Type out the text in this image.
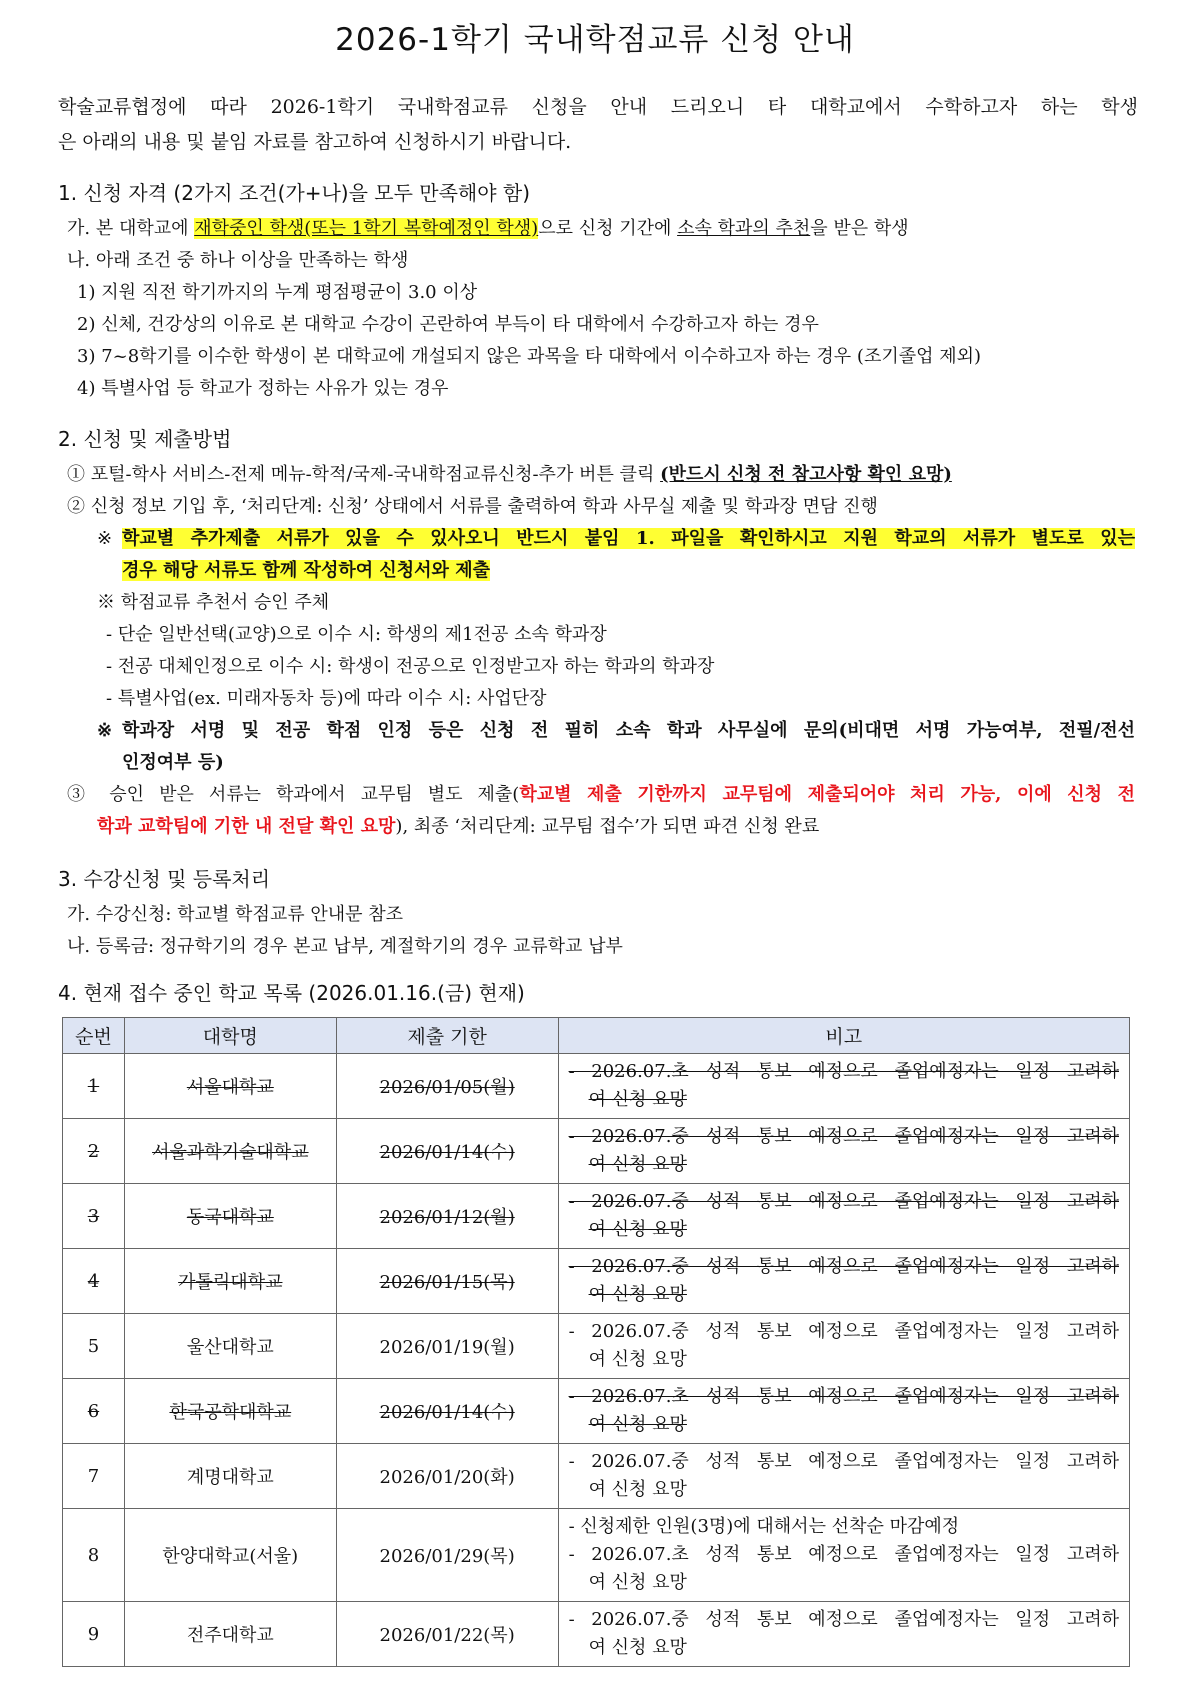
2026-1학기 국내학점교류 신청 안내

학술교류협정에 따라 2026-1학기 국내학점교류 신청을 안내 드리오니 타 대학교에서 수학하고자 하는 학생
은 아래의 내용 및 붙임 자료를 참고하여 신청하시기 바랍니다.

1. 신청 자격 (2가지 조건(가+나)을 모두 만족해야 함)
가. 본 대학교에 재학중인 학생(또는 1학기 복학예정인 학생)으로 신청 기간에 소속 학과의 추천을 받은 학생
나. 아래 조건 중 하나 이상을 만족하는 학생
1) 지원 직전 학기까지의 누계 평점평균이 3.0 이상
2) 신체, 건강상의 이유로 본 대학교 수강이 곤란하여 부득이 타 대학에서 수강하고자 하는 경우
3) 7~8학기를 이수한 학생이 본 대학교에 개설되지 않은 과목을 타 대학에서 이수하고자 하는 경우 (조기졸업 제외)
4) 특별사업 등 학교가 정하는 사유가 있는 경우
2. 신청 및 제출방법
① 포털-학사 서비스-전제 메뉴-학적/국제-국내학점교류신청-추가 버튼 클릭 (반드시 신청 전 참고사항 확인 요망)
② 신청 정보 기입 후, ‘처리단계: 신청’ 상태에서 서류를 출력하여 학과 사무실 제출 및 학과장 면담 진행
※ 학교별 추가제출 서류가 있을 수 있사오니 반드시 붙임 1. 파일을 확인하시고 지원 학교의 서류가 별도로 있는
경우 해당 서류도 함께 작성하여 신청서와 제출
※ 학점교류 추천서 승인 주체
- 단순 일반선택(교양)으로 이수 시: 학생의 제1전공 소속 학과장
- 전공 대체인정으로 이수 시: 학생이 전공으로 인정받고자 하는 학과의 학과장
- 특별사업(ex. 미래자동차 등)에 따라 이수 시: 사업단장
※ 학과장 서명 및 전공 학점 인정 등은 신청 전 필히 소속 학과 사무실에 문의(비대면 서명 가능여부, 전필/전선
인정여부 등)
③ 승인 받은 서류는 학과에서 교무팀 별도 제출(학교별 제출 기한까지 교무팀에 제출되어야 처리 가능, 이에 신청 전
학과 교학팀에 기한 내 전달 확인 요망), 최종 ‘처리단계: 교무팀 접수’가 되면 파견 신청 완료
3. 수강신청 및 등록처리
가. 수강신청: 학교별 학점교류 안내문 참조
나. 등록금: 정규학기의 경우 본교 납부, 계절학기의 경우 교류학교 납부
4. 현재 접수 중인 학교 목록 (2026.01.16.(금) 현재)
순번	대학명	제출 기한	비고
1	서울대학교	2026/01/05(월)	- 2026.07.초 성적 통보 예정으로 졸업예정자는 일정 고려하
여 신청 요망

2	서울과학기술대학교	2026/01/14(수)	- 2026.07.중 성적 통보 예정으로 졸업예정자는 일정 고려하
여 신청 요망

3	동국대학교	2026/01/12(월)	- 2026.07.중 성적 통보 예정으로 졸업예정자는 일정 고려하
여 신청 요망

4	가톨릭대학교	2026/01/15(목)	- 2026.07.중 성적 통보 예정으로 졸업예정자는 일정 고려하
여 신청 요망

5	울산대학교	2026/01/19(월)	- 2026.07.중 성적 통보 예정으로 졸업예정자는 일정 고려하
여 신청 요망

6	한국공학대학교	2026/01/14(수)	- 2026.07.초 성적 통보 예정으로 졸업예정자는 일정 고려하
여 신청 요망

7	계명대학교	2026/01/20(화)	- 2026.07.중 성적 통보 예정으로 졸업예정자는 일정 고려하
여 신청 요망

8	한양대학교(서울)	2026/01/29(목)	- 신청제한 인원(3명)에 대해서는 선착순 마감예정
- 2026.07.초 성적 통보 예정으로 졸업예정자는 일정 고려하
여 신청 요망

9	전주대학교	2026/01/22(목)	- 2026.07.중 성적 통보 예정으로 졸업예정자는 일정 고려하
여 신청 요망
